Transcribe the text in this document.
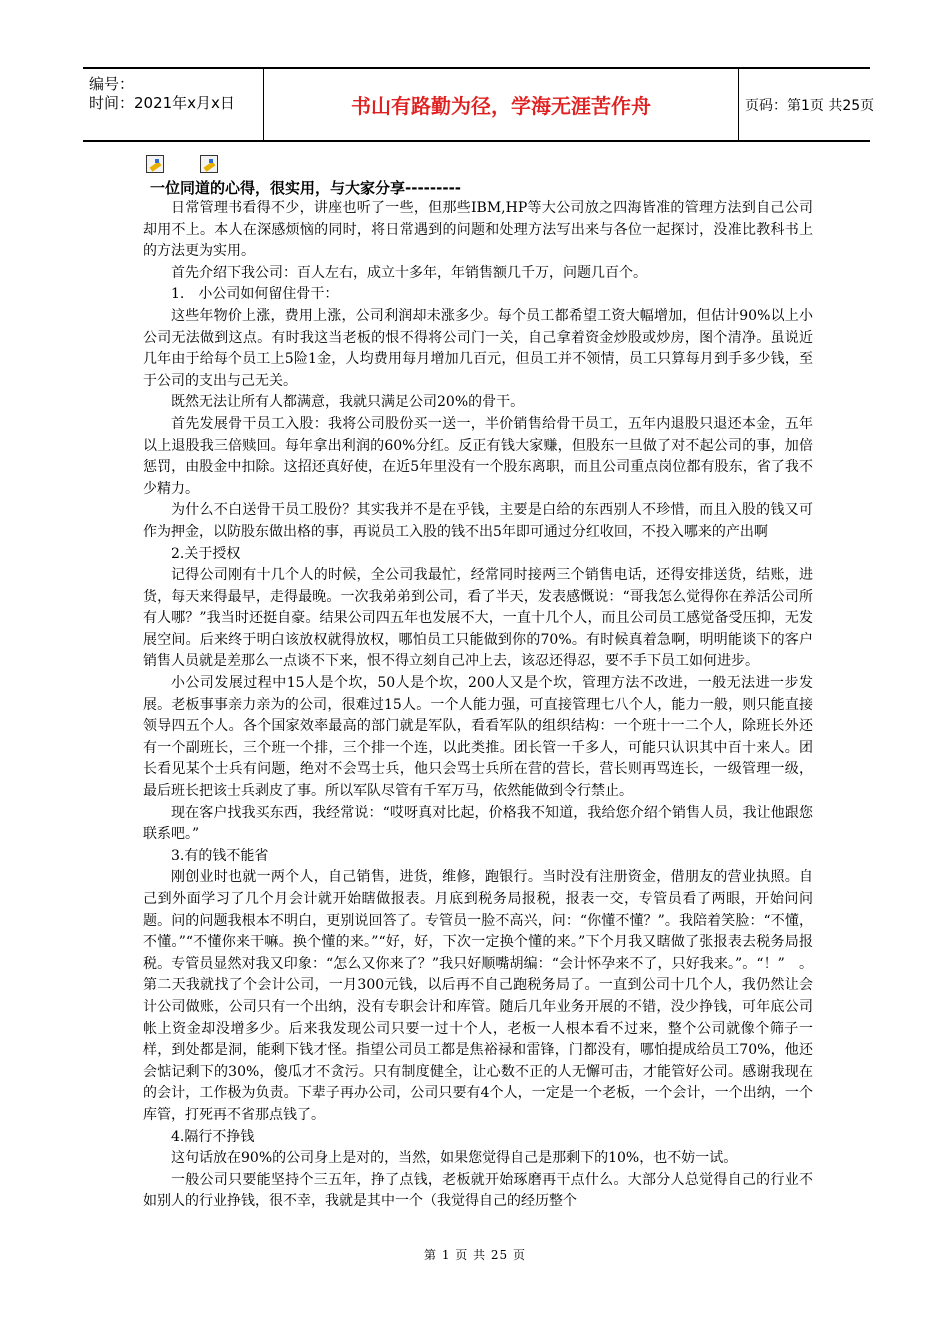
编号：
时间：2021年x月x日	书山有路勤为径，学海无涯苦作舟	页码：第1页 共25页
一位同道的心得，很实用，与大家分享---------

日常管理书看得不少，讲座也听了一些，但那些IBM,HP等大公司放之四海皆准的管理方法到自己公司却用不上。本人在深感烦恼的同时，将日常遇到的问题和处理方法写出来与各位一起探讨，没准比教科书上的方法更为实用。

首先介绍下我公司：百人左右，成立十多年，年销售额几千万，问题几百个。

1.　小公司如何留住骨干：

这些年物价上涨，费用上涨，公司利润却未涨多少。每个员工都希望工资大幅增加，但估计90%以上小公司无法做到这点。有时我这当老板的恨不得将公司门一关，自己拿着资金炒股或炒房，图个清净。虽说近几年由于给每个员工上5险1金，人均费用每月增加几百元，但员工并不领情，员工只算每月到手多少钱，至于公司的支出与己无关。

既然无法让所有人都满意，我就只满足公司20%的骨干。

首先发展骨干员工入股：我将公司股份买一送一，半价销售给骨干员工，五年内退股只退还本金，五年以上退股我三倍赎回。每年拿出利润的60%分红。反正有钱大家赚，但股东一旦做了对不起公司的事，加倍惩罚，由股金中扣除。这招还真好使，在近5年里没有一个股东离职，而且公司重点岗位都有股东，省了我不少精力。

为什么不白送骨干员工股份？其实我并不是在乎钱，主要是白给的东西别人不珍惜，而且入股的钱又可作为押金，以防股东做出格的事，再说员工入股的钱不出5年即可通过分红收回，不投入哪来的产出啊

2.关于授权

记得公司刚有十几个人的时候，全公司我最忙，经常同时接两三个销售电话，还得安排送货，结账，进货，每天来得最早，走得最晚。一次我弟弟到公司，看了半天，发表感慨说：“哥我怎么觉得你在养活公司所有人哪？”我当时还挺自豪。结果公司四五年也发展不大，一直十几个人，而且公司员工感觉备受压抑，无发展空间。后来终于明白该放权就得放权，哪怕员工只能做到你的70%。有时候真着急啊，明明能谈下的客户销售人员就是差那么一点谈不下来，恨不得立刻自己冲上去，该忍还得忍，要不手下员工如何进步。

小公司发展过程中15人是个坎，50人是个坎，200人又是个坎，管理方法不改进，一般无法进一步发展。老板事事亲力亲为的公司，很难过15人。一个人能力强，可直接管理七八个人，能力一般，则只能直接领导四五个人。各个国家效率最高的部门就是军队，看看军队的组织结构：一个班十一二个人，除班长外还有一个副班长，三个班一个排，三个排一个连，以此类推。团长管一千多人，可能只认识其中百十来人。团长看见某个士兵有问题，绝对不会骂士兵，他只会骂士兵所在营的营长，营长则再骂连长，一级管理一级，最后班长把该士兵剥皮了事。所以军队尽管有千军万马，依然能做到令行禁止。

现在客户找我买东西，我经常说：“哎呀真对比起，价格我不知道，我给您介绍个销售人员，我让他跟您联系吧。”

3.有的钱不能省

刚创业时也就一两个人，自己销售，进货，维修，跑银行。当时没有注册资金，借朋友的营业执照。自己到外面学习了几个月会计就开始瞎做报表。月底到税务局报税，报表一交，专管员看了两眼，开始问问题。问的问题我根本不明白，更别说回答了。专管员一脸不高兴，问：“你懂不懂？”。我陪着笑脸：“不懂，不懂。”“不懂你来干嘛。换个懂的来。”“好，好，下次一定换个懂的来。”下个月我又瞎做了张报表去税务局报税。专管员显然对我又印象：“怎么又你来了？”我只好顺嘴胡编：“会计怀孕来不了，只好我来。”。“！”　。第二天我就找了个会计公司，一月300元钱，以后再不自己跑税务局了。一直到公司十几个人，我仍然让会计公司做账，公司只有一个出纳，没有专职会计和库管。随后几年业务开展的不错，没少挣钱，可年底公司帐上资金却没增多少。后来我发现公司只要一过十个人，老板一人根本看不过来，整个公司就像个筛子一样，到处都是洞，能剩下钱才怪。指望公司员工都是焦裕禄和雷锋，门都没有，哪怕提成给员工70%，他还会惦记剩下的30%，傻瓜才不贪污。只有制度健全，让心数不正的人无懈可击，才能管好公司。感谢我现在的会计，工作极为负责。下辈子再办公司，公司只要有4个人，一定是一个老板，一个会计，一个出纳，一个库管，打死再不省那点钱了。

4.隔行不挣钱

这句话放在90%的公司身上是对的，当然，如果您觉得自己是那剩下的10%，也不妨一试。

一般公司只要能坚持个三五年，挣了点钱，老板就开始琢磨再干点什么。大部分人总觉得自己的行业不如别人的行业挣钱，很不幸，我就是其中一个（我觉得自己的经历整个

第 1 页 共 25 页
